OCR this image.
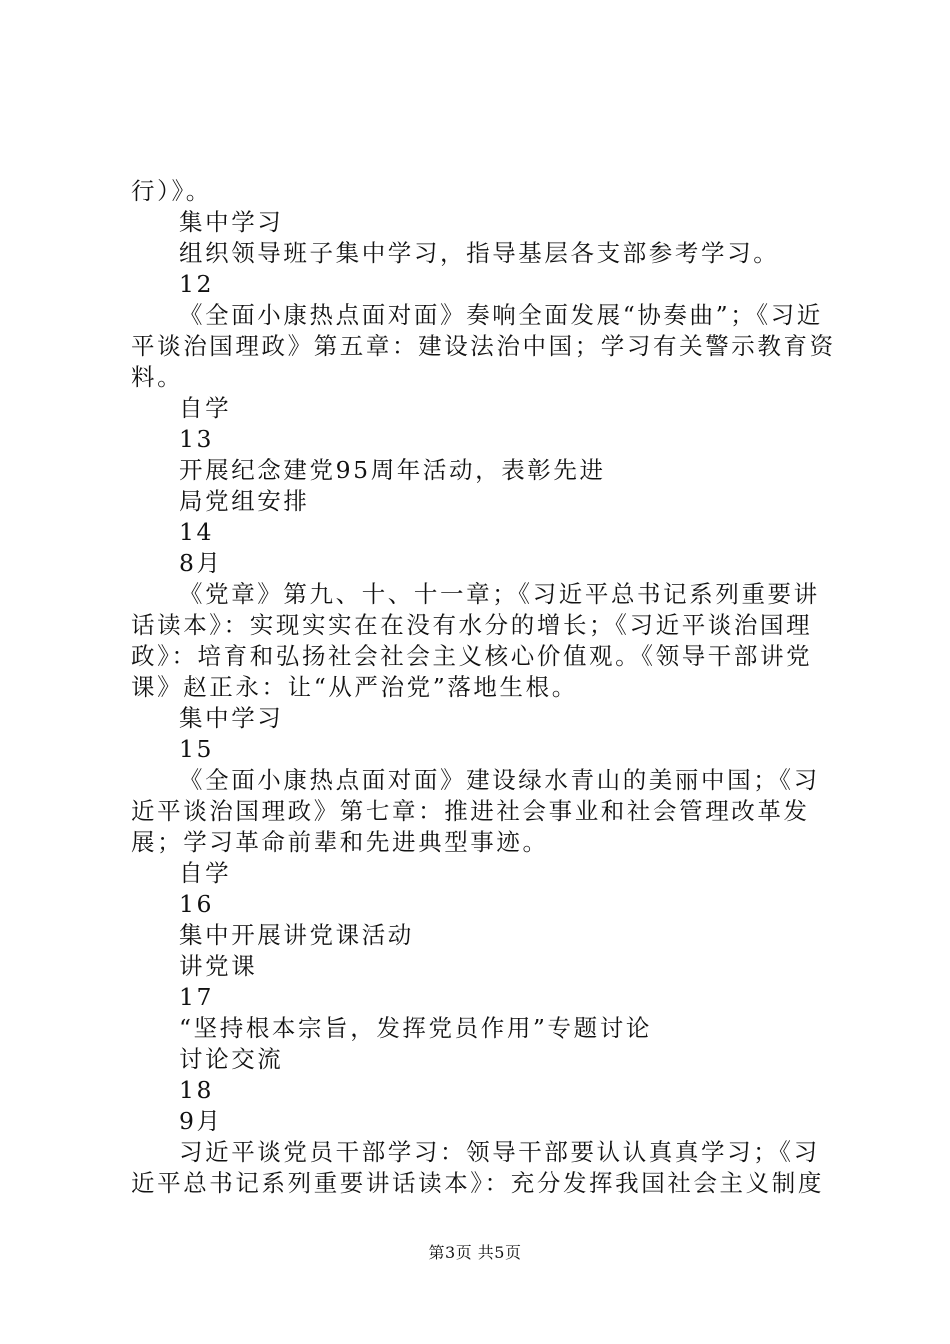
行）》。

集中学习

组织领导班子集中学习，指导基层各支部参考学习。

12

《全面小康热点面对面》奏响全面发展“协奏曲”；《习近平谈治国理政》第五章：建设法治中国；学习有关警示教育资料。

自学

13

开展纪念建党95周年活动，表彰先进

局党组安排

14

8月

《党章》第九、十、十一章；《习近平总书记系列重要讲话读本》：实现实实在在没有水分的增长；《习近平谈治国理政》：培育和弘扬社会社会主义核心价值观。《领导干部讲党课》赵正永：让“从严治党”落地生根。

集中学习

15

《全面小康热点面对面》建设绿水青山的美丽中国；《习近平谈治国理政》第七章：推进社会事业和社会管理改革发展；学习革命前辈和先进典型事迹。

自学

16

集中开展讲党课活动

讲党课

17

“坚持根本宗旨，发挥党员作用”专题讨论

讨论交流

18

9月

习近平谈党员干部学习：领导干部要认认真真学习；《习近平总书记系列重要讲话读本》：充分发挥我国社会主义制度

第3页 共5页
